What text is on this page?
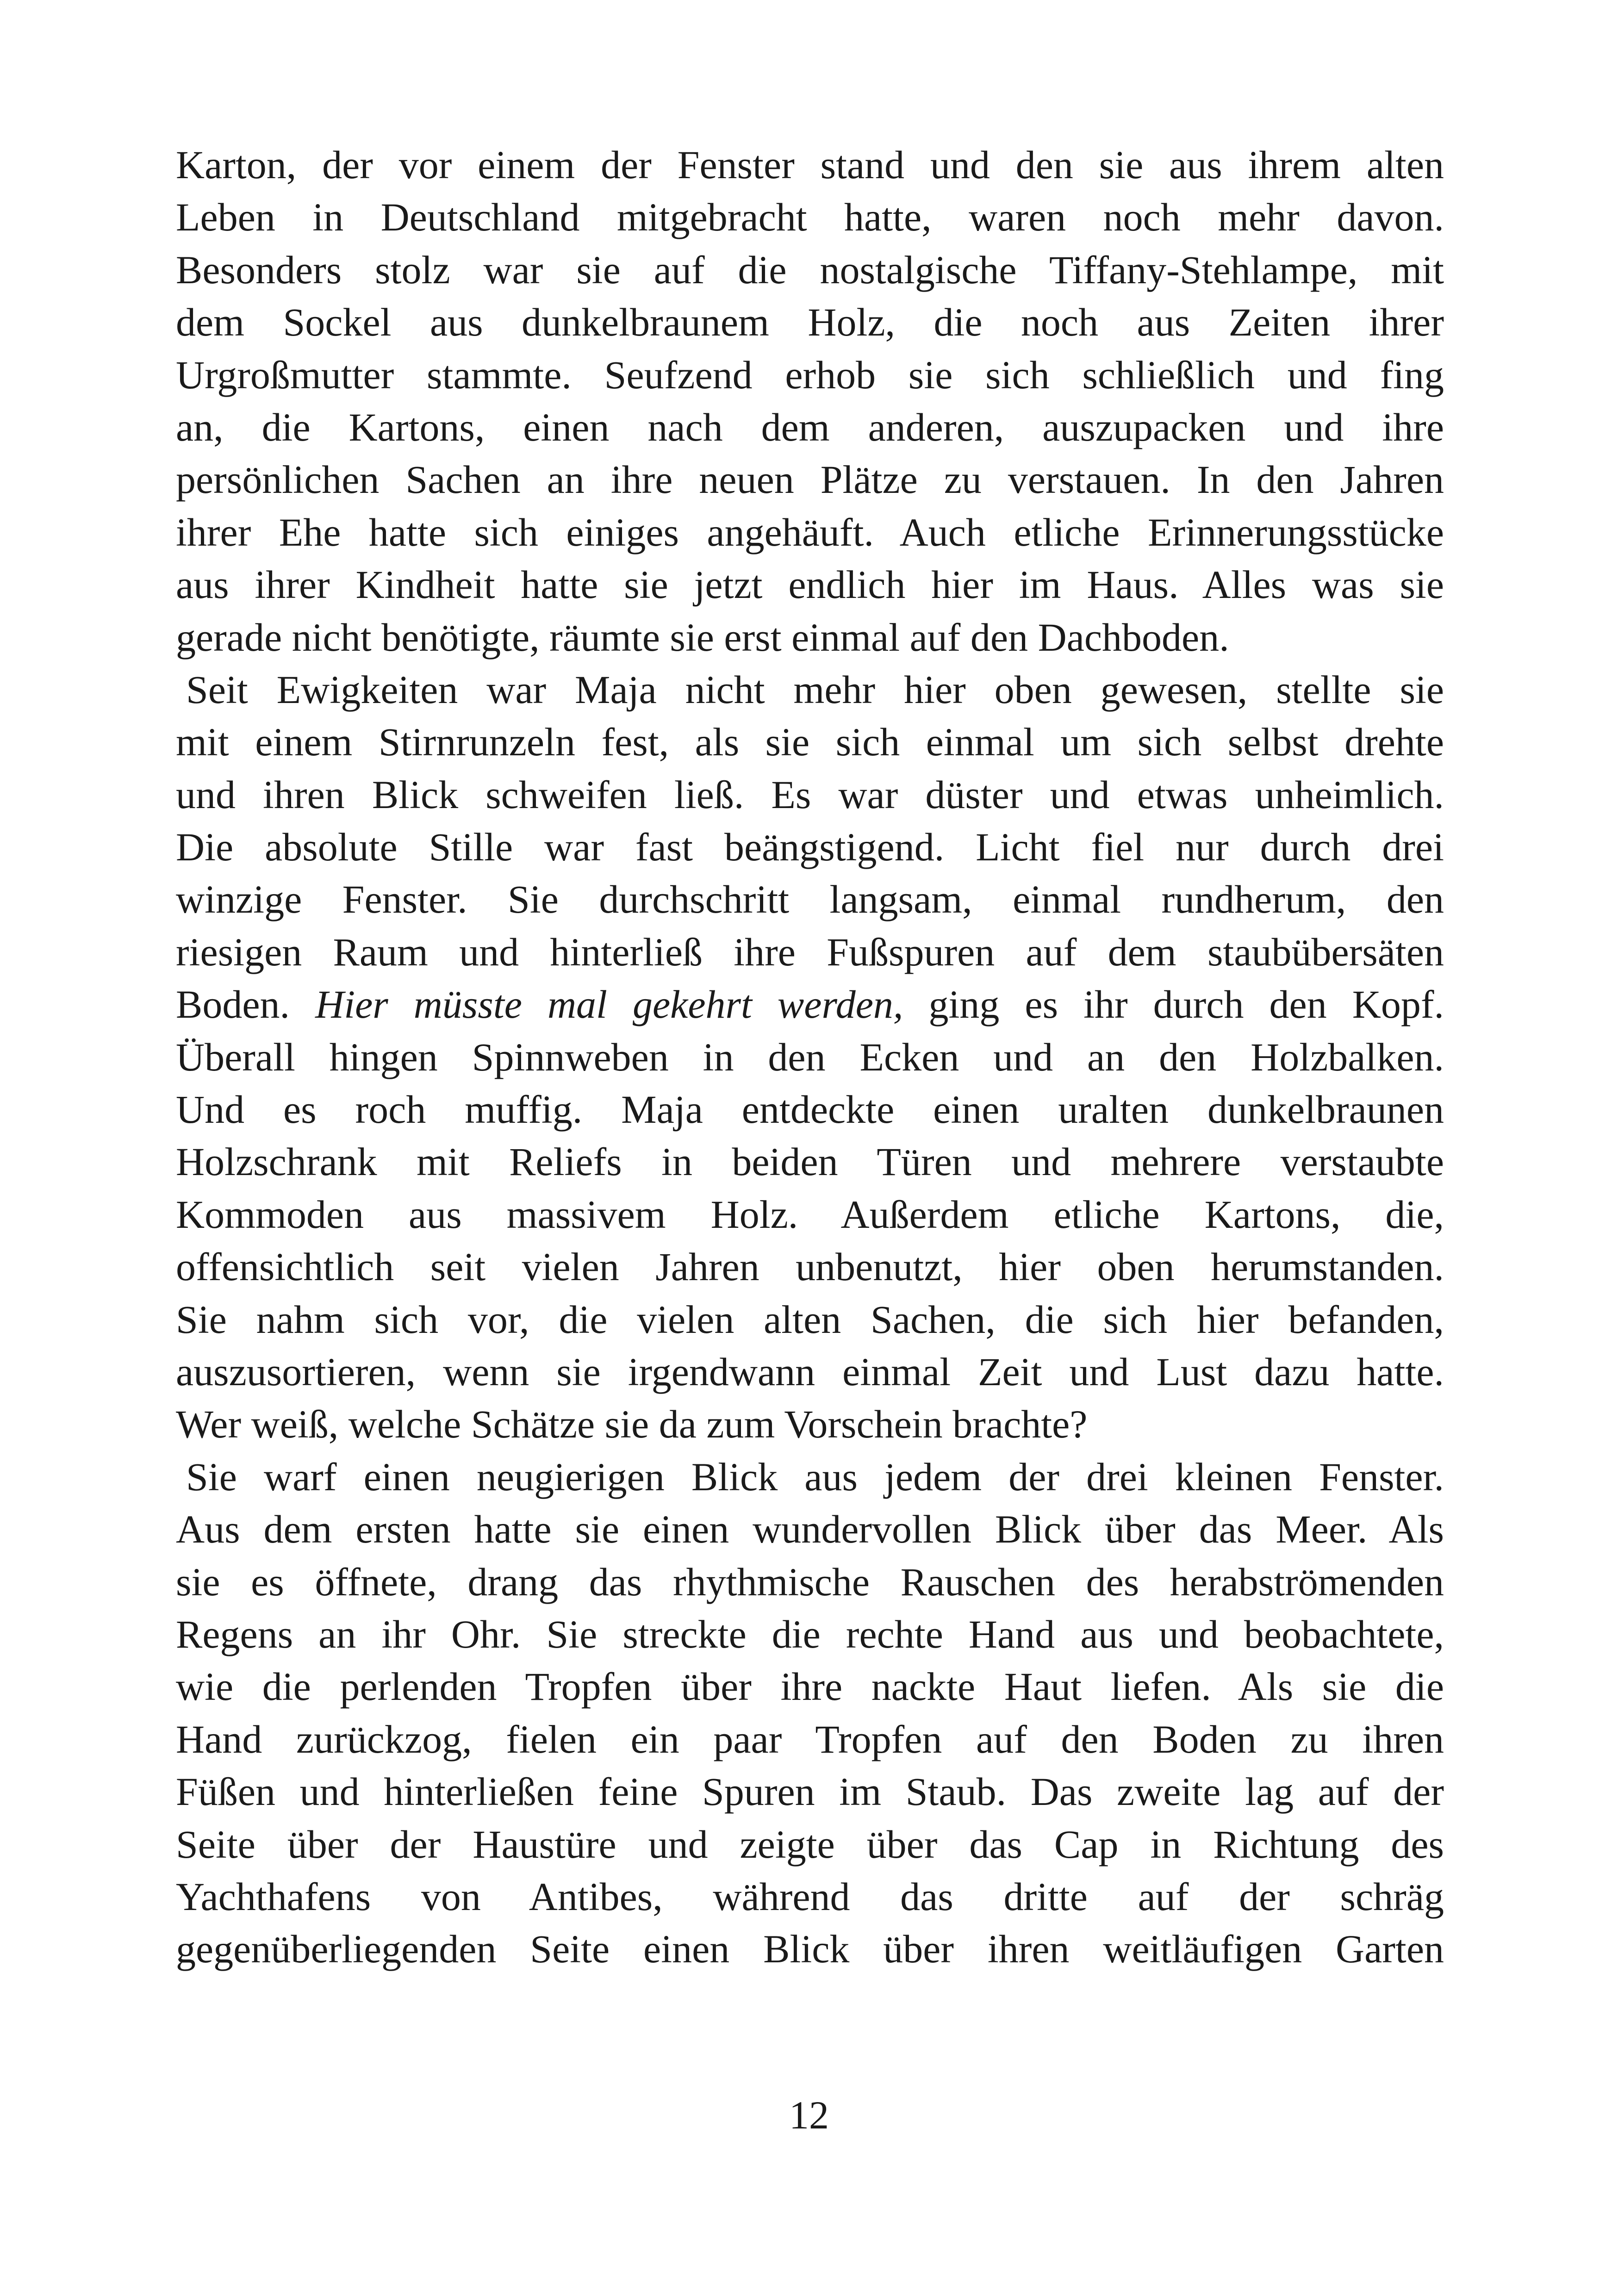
Karton, der vor einem der Fenster stand und den sie aus ihrem alten
Leben in Deutschland mitgebracht hatte, waren noch mehr davon.
Besonders stolz war sie auf die nostalgische Tiffany-Stehlampe, mit
dem Sockel aus dunkelbraunem Holz, die noch aus Zeiten ihrer
Urgroßmutter stammte. Seufzend erhob sie sich schließlich und fing
an, die Kartons, einen nach dem anderen, auszupacken und ihre
persönlichen Sachen an ihre neuen Plätze zu verstauen. In den Jahren
ihrer Ehe hatte sich einiges angehäuft. Auch etliche Erinnerungsstücke
aus ihrer Kindheit hatte sie jetzt endlich hier im Haus. Alles was sie
gerade nicht benötigte, räumte sie erst einmal auf den Dachboden.
Seit Ewigkeiten war Maja nicht mehr hier oben gewesen, stellte sie
mit einem Stirnrunzeln fest, als sie sich einmal um sich selbst drehte
und ihren Blick schweifen ließ. Es war düster und etwas unheimlich.
Die absolute Stille war fast beängstigend. Licht fiel nur durch drei
winzige Fenster. Sie durchschritt langsam, einmal rundherum, den
riesigen Raum und hinterließ ihre Fußspuren auf dem staubübersäten
Boden. Hier müsste mal gekehrt werden, ging es ihr durch den Kopf.
Überall hingen Spinnweben in den Ecken und an den Holzbalken.
Und es roch muffig. Maja entdeckte einen uralten dunkelbraunen
Holzschrank mit Reliefs in beiden Türen und mehrere verstaubte
Kommoden aus massivem Holz. Außerdem etliche Kartons, die,
offensichtlich seit vielen Jahren unbenutzt, hier oben herumstanden.
Sie nahm sich vor, die vielen alten Sachen, die sich hier befanden,
auszusortieren, wenn sie irgendwann einmal Zeit und Lust dazu hatte.
Wer weiß, welche Schätze sie da zum Vorschein brachte?
Sie warf einen neugierigen Blick aus jedem der drei kleinen Fenster.
Aus dem ersten hatte sie einen wundervollen Blick über das Meer. Als
sie es öffnete, drang das rhythmische Rauschen des herabströmenden
Regens an ihr Ohr. Sie streckte die rechte Hand aus und beobachtete,
wie die perlenden Tropfen über ihre nackte Haut liefen. Als sie die
Hand zurückzog, fielen ein paar Tropfen auf den Boden zu ihren
Füßen und hinterließen feine Spuren im Staub. Das zweite lag auf der
Seite über der Haustüre und zeigte über das Cap in Richtung des
Yachthafens von Antibes, während das dritte auf der schräg
gegenüberliegenden Seite einen Blick über ihren weitläufigen Garten
12
